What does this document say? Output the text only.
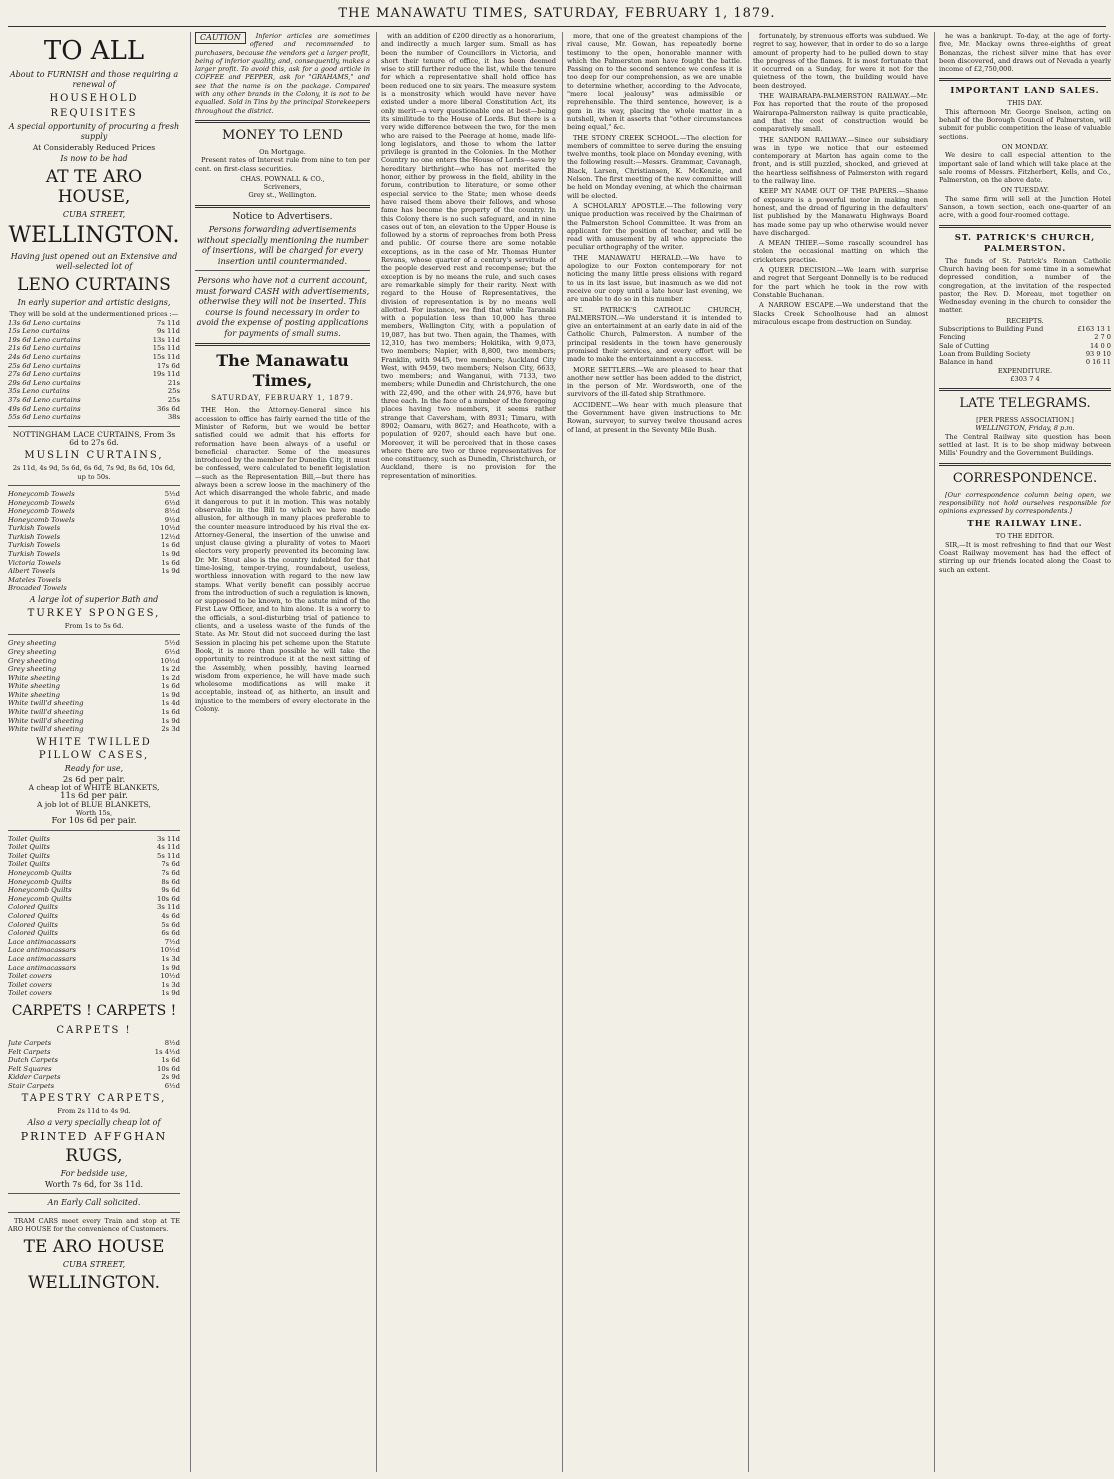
THE MANAWATU TIMES, SATURDAY, FEBRUARY 1, 1879.
TO ALL
About to FURNISH and those requiring a renewal of
HOUSEHOLD
REQUISITES
A special opportunity of procuring a fresh supply
At Considerably Reduced Prices
Is now to be had
AT TE ARO HOUSE,
CUBA STREET,
WELLINGTON.
Having just opened out an Extensive and well-selected lot of
LENO CURTAINS
In early superior and artistic designs,
They will be sold at the undermentioned prices :—
13s 6d Leno curtains	7s 11d
15s Leno curtains	9s 11d
19s 6d Leno curtains	13s 11d
21s 6d Leno curtains	15s 11d
24s 6d Leno curtains	15s 11d
25s 6d Leno curtains	17s 6d
27s 6d Leno curtains	19s 11d
29s 6d Leno curtains	21s
35s Leno curtains	25s
37s 6d Leno curtains	25s
49s 6d Leno curtains	36s 6d
55s 6d Leno curtains	38s
NOTTINGHAM LACE CURTAINS, From 3s 6d to 27s 6d.
MUSLIN CURTAINS,
2s 11d, 4s 9d, 5s 6d, 6s 6d, 7s 9d, 8s 6d, 10s 6d, up to 50s.
Honeycomb Towels	5½d
Honeycomb Towels	6½d
Honeycomb Towels	8½d
Honeycomb Towels	9½d
Turkish Towels	10½d
Turkish Towels	12½d
Turkish Towels	1s 6d
Turkish Towels	1s 9d
Victoria Towels	1s 6d
Albert Towels	1s 9d
Mateles Towels
Brocaded Towels
A large lot of superior Bath and
TURKEY SPONGES,
From 1s to 5s 6d.
Grey sheeting	5½d
Grey sheeting	6½d
Grey sheeting	10½d
Grey sheeting	1s 2d
White sheeting	1s 2d
White sheeting	1s 6d
White sheeting	1s 9d
White twill'd sheeting	1s 4d
White twill'd sheeting	1s 6d
White twill'd sheeting	1s 9d
White twill'd sheeting	2s 3d
WHITE TWILLED PILLOW CASES,
Ready for use,
2s 6d per pair.
A cheap lot of WHITE BLANKETS,
11s 6d per pair.
A job lot of BLUE BLANKETS,
Worth 15s,
For 10s 6d per pair.
Toilet Quilts	3s 11d
Toilet Quilts	4s 11d
Toilet Quilts	5s 11d
Toilet Quilts	7s 6d
Honeycomb Quilts	7s 6d
Honeycomb Quilts	8s 6d
Honeycomb Quilts	9s 6d
Honeycomb Quilts	10s 6d
Colored Quilts	3s 11d
Colored Quilts	4s 6d
Colored Quilts	5s 6d
Colored Quilts	6s 6d
Lace antimacassars	7½d
Lace antimacassars	10½d
Lace antimacassars	1s 3d
Lace antimacassars	1s 9d
Toilet covers	10½d
Toilet covers	1s 3d
Toilet covers	1s 9d
CARPETS ! CARPETS !
CARPETS !
Jute Carpets	8½d
Felt Carpets	1s 4½d
Dutch Carpets	1s 6d
Felt Squares	10s 6d
Kidder Carpets	2s 9d
Stair Carpets	6½d
TAPESTRY CARPETS,
From 2s 11d to 4s 9d.
Also a very specially cheap lot of
PRINTED AFFGHAN
RUGS,
For bedside use,
Worth 7s 6d, for 3s 11d.
An Early Call solicited.

TRAM CARS meet every Train and stop at TE ARO HOUSE for the convenience of Customers.

TE ARO HOUSE
CUBA STREET,
WELLINGTON.
CAUTION	Inferior articles are sometimes offered and recommended to purchasers, because the vendors get a larger profit, being of inferior quality, and, consequently, makes a larger profit. To avoid this, ask for a good article in COFFEE and PEPPER, ask for "GRAHAMS," and see that the name is on the package. Compared with any other brands in the Colony, it is not to be equalled. Sold in Tins by the principal Storekeepers throughout the district.

MONEY TO LEND
On Mortgage.

Present rates of Interest rule from nine to ten per cent. on first-class securities.

CHAS. POWNALL & CO.,
Scriveners,
Grey st., Wellington.
Notice to Advertisers.
Persons forwarding advertisements without specially mentioning the number of insertions, will be charged for every insertion until countermanded.
Persons who have not a current account, must forward CASH with advertisements, otherwise they will not be inserted. This course is found necessary in order to avoid the expense of posting applications for payments of small sums.
The Manawatu Times,
SATURDAY, FEBRUARY 1, 1879.

THE Hon. the Attorney-General since his accession to office has fairly earned the title of the Minister of Reform, but we would be better satisfied could we admit that his efforts for reformation have been always of a useful or beneficial character. Some of the measures introduced by the member for Dunedin City, it must be confessed, were calculated to benefit legislation—such as the Representation Bill,—but there has always been a screw loose in the machinery of the Act which disarranged the whole fabric, and made it dangerous to put it in motion. This was notably observable in the Bill to which we have made allusion, for although in many places preferable to the counter measure introduced by his rival the ex-Attorney-General, the insertion of the unwise and unjust clause giving a plurality of votes to Maori electors very properly prevented its becoming law. Dr. Mr. Stout also is the country indebted for that time-losing, temper-trying, roundabout, useless, worthless innovation with regard to the new law stamps. What verily benefit can possibly accrue from the introduction of such a regulation is known, or supposed to be known, to the astute mind of the First Law Officer, and to him alone. It is a worry to the officials, a soul-disturbing trial of patience to clients, and a useless waste of the funds of the State. As Mr. Stout did not succeed during the last Session in placing his pet scheme upon the Statute Book, it is more than possible he will take the opportunity to reintroduce it at the next sitting of the Assembly, when possibly, having learned wisdom from experience, he will have made such wholesome modifications as will make it acceptable, instead of, as hitherto, an insult and injustice to the members of every electorate in the Colony.

with an addition of £200 directly as a honorarium, and indirectly a much larger sum. Small as has been the number of Councillors in Victoria, and short their tenure of office, it has been deemed wise to still further reduce the list, while the tenure for which a representative shall hold office has been reduced one to six years. The measure system is a monstrosity which would have never have existed under a more liberal Constitution Act, its only merit—a very questionable one at best—being its similitude to the House of Lords. But there is a very wide difference between the two, for the men who are raised to the Peerage at home, made life-long legislators, and those to whom the latter privilege is granted in the Colonies. In the Mother Country no one enters the House of Lords—save by hereditary birthright—who has not merited the honor, either by prowess in the field, ability in the forum, contribution to literature, or some other especial service to the State; men whose deeds have raised them above their fellows, and whose fame has become the property of the country. In this Colony there is no such safeguard, and in nine cases out of ten, an elevation to the Upper House is followed by a storm of reproaches from both Press and public. Of course there are some notable exceptions, as in the case of Mr. Thomas Hunter Revans, whose quarter of a century's servitude of the people deserved rest and recompense; but the exception is by no means the rule, and such cases are remarkable simply for their rarity. Next with regard to the House of Representatives, the division of representation is by no means well allotted. For instance, we find that while Taranaki with a population less than 10,000 has three members, Wellington City, with a population of 19,087, has but two. Then again, the Thames, with 12,310, has two members; Hokitika, with 9,073, two members; Napier, with 8,800, two members; Franklin, with 9445, two members; Auckland City West, with 9459, two members; Nelson City, 6633, two members; and Wanganui, with 7133, two members; while Dunedin and Christchurch, the one with 22,490, and the other with 24,976, have but three each. In the face of a number of the foregoing places having two members, it seems rather strange that Caversham, with 8931; Timaru, with 8902; Oamaru, with 8627; and Heathcote, with a population of 9207, should each have but one. Moreover, it will be perceived that in those cases where there are two or three representatives for one constituency, such as Dunedin, Christchurch, or Auckland, there is no provision for the representation of minorities.

more, that one of the greatest champions of the rival cause, Mr. Gowan, has repeatedly borne testimony to the open, honorable manner with which the Palmerston men have fought the battle. Passing on to the second sentence we confess it is too deep for our comprehension, as we are unable to determine whether, according to the Advocate, "mere local jealousy" was admissible or reprehensible. The third sentence, however, is a gem in its way, placing the whole matter in a nutshell, when it asserts that "other circumstances being equal," &c.

THE STONY CREEK SCHOOL.—The election for members of committee to serve during the ensuing twelve months, took place on Monday evening, with the following result:—Messrs. Grammar, Cavanagh, Black, Larsen, Christiansen, K. McKenzie, and Nelson. The first meeting of the new committee will be held on Monday evening, at which the chairman will be elected.

A SCHOLARLY APOSTLE.—The following very unique production was received by the Chairman of the Palmerston School Committee. It was from an applicant for the position of teacher, and will be read with amusement by all who appreciate the peculiar orthography of the writer.

THE MANAWATU HERALD.—We have to apologize to our Foxton contemporary for not noticing the many little press elisions with regard to us in its last issue, but inasmuch as we did not receive our copy until a late hour last evening, we are unable to do so in this number.

ST. PATRICK'S CATHOLIC CHURCH, PALMERSTON.—We understand it is intended to give an entertainment at an early date in aid of the Catholic Church, Palmerston. A number of the principal residents in the town have generously promised their services, and every effort will be made to make the entertainment a success.

MORE SETTLERS.—We are pleased to hear that another new settler has been added to the district, in the person of Mr. Wordsworth, one of the survivors of the ill-fated ship Strathmore.

ACCIDENT.—We hear with much pleasure that the Government have given instructions to Mr. Rowan, surveyor, to survey twelve thousand acres of land, at present in the Seventy Mile Bush.

fortunately, by strenuous efforts was subdued. We regret to say, however, that in order to do so a large amount of property had to be pulled down to stay the progress of the flames. It is most fortunate that it occurred on a Sunday, for were it not for the quietness of the town, the building would have been destroyed.

THE WAIRARAPA-PALMERSTON RAILWAY.—Mr. Fox has reported that the route of the proposed Wairarapa-Palmerston railway is quite practicable, and that the cost of construction would be comparatively small.

THE SANDON RAILWAY.—Since our subsidiary was in type we notice that our esteemed contemporary at Marton has again come to the front, and is still puzzled, shocked, and grieved at the heartless selfishness of Palmerston with regard to the railway line.

KEEP MY NAME OUT OF THE PAPERS.—Shame of exposure is a powerful motor in making men honest, and the dread of figuring in the defaulters' list published by the Manawatu Highways Board has made some pay up who otherwise would never have discharged.

A MEAN THIEF.—Some rascally scoundrel has stolen the occasional matting on which the cricketers practise.

A QUEER DECISION.—We learn with surprise and regret that Sergeant Donnelly is to be reduced for the part which he took in the row with Constable Buchanan.

A NARROW ESCAPE.—We understand that the Slacks Creek Schoolhouse had an almost miraculous escape from destruction on Sunday.

he was a bankrupt. To-day, at the age of forty-five, Mr. Mackay owns three-eighths of great Bonanzas, the richest silver mine that has ever been discovered, and draws out of Nevada a yearly income of £2,750,000.

IMPORTANT LAND SALES.
THIS DAY.

This afternoon Mr. George Snelson, acting on behalf of the Borough Council of Palmerston, will submit for public competition the lease of valuable sections.

ON MONDAY.

We desire to call especial attention to the important sale of land which will take place at the sale rooms of Messrs. Fitzherbert, Kells, and Co., Palmerston, on the above date.

ON TUESDAY.

The same firm will sell at the Junction Hotel Sanson, a town section, each one-quarter of an acre, with a good four-roomed cottage.

ST. PATRICK'S CHURCH, PALMERSTON.

The funds of St. Patrick's Roman Catholic Church having been for some time in a somewhat depressed condition, a number of the congregation, at the invitation of the respected pastor, the Rev. D. Moreau, met together on Wednesday evening in the church to consider the matter.

RECEIPTS.
Subscriptions to Building Fund	£163 13 1
Fencing	2 7 0
Sale of Cutting	14 0 0
Loan from Building Society	93 9 10
Balance in hand	0 16 11
EXPENDITURE.
£303 7 4
LATE TELEGRAMS.
[PER PRESS ASSOCIATION.]
WELLINGTON, Friday, 8 p.m.

The Central Railway site question has been settled at last. It is to be shop midway between Mills' Foundry and the Government Buildings.

CORRESPONDENCE.

[Our correspondence column being open, we responsibility not hold ourselves responsible for opinions expressed by correspondents.]

THE RAILWAY LINE.
TO THE EDITOR.

SIR,—It is most refreshing to find that our West Coast Railway movement has had the effect of stirring up our friends located along the Coast to such an extent.
